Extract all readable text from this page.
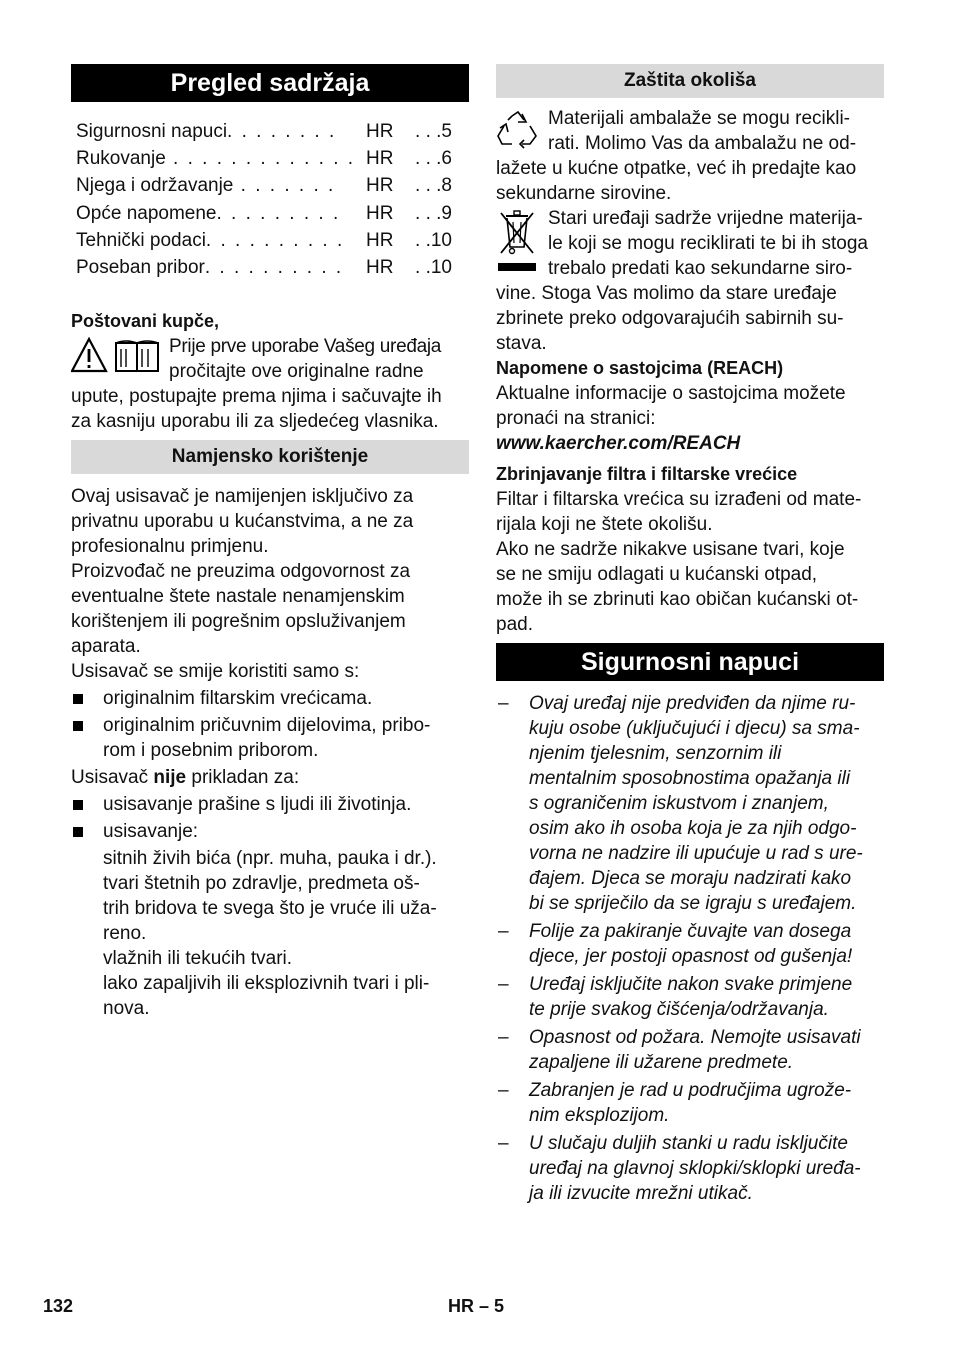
Pregled sadržaja
Sigurnosni napuci. . . . . . . .	HR	. . .5
Rukovanje . . . . . . . . . . . . . HR	. . .6
Njega i održavanje . . . . . . .	HR	. . .8
Opće napomene. . . . . . . . .	HR	. . .9
Tehnički podaci. . . . . . . . . .	HR	. .10
Poseban pribor. . . . . . . . . .	HR	. .10

Poštovani kupče,

Prije prve uporabe Vašeg uređaja

pročitajte ove originalne radne

upute, postupajte prema njima i sačuvajte ih

za kasniju uporabu ili za sljedećeg vlasnika.

Namjensko korištenje

Ovaj usisavač je namijenjen isključivo za

privatnu uporabu u kućanstvima, a ne za

profesionalnu primjenu.

Proizvođač ne preuzima odgovornost za

eventualne štete nastale nenamjenskim

korištenjem ili pogrešnim opsluživanjem

aparata.

Usisavač se smije koristiti samo s:

originalnim filtarskim vrećicama.
originalnim pričuvnim dijelovima, pribo-
rom i posebnim priborom.

Usisavač nije prikladan za:

usisavanje prašine s ljudi ili životinja.
usisavanje:

sitnih živih bića (npr. muha, pauka i dr.).

tvari štetnih po zdravlje, predmeta oš-

trih bridova te svega što je vruće ili uža-

reno.

vlažnih ili tekućih tvari.

lako zapaljivih ili eksplozivnih tvari i pli-

nova.

Zaštita okoliša

Materijali ambalaže se mogu recikli-

rati. Molimo Vas da ambalažu ne od-

lažete u kućne otpatke, već ih predajte kao

sekundarne sirovine.

Stari uređaji sadrže vrijedne materija-

le koji se mogu reciklirati te bi ih stoga

trebalo predati kao sekundarne siro-

vine. Stoga Vas molimo da stare uređaje

zbrinete preko odgovarajućih sabirnih su-

stava.

Napomene o sastojcima (REACH)

Aktualne informacije o sastojcima možete

pronaći na stranici:

www.kaercher.com/REACH

Zbrinjavanje filtra i filtarske vrećice

Filtar i filtarska vrećica su izrađeni od mate-

rijala koji ne štete okolišu.

Ako ne sadrže nikakve usisane tvari, koje

se ne smiju odlagati u kućanski otpad,

može ih se zbrinuti kao običan kućanski ot-

pad.

Sigurnosni napuci
– Ovaj uređaj nije predviđen da njime ru-
kuju osobe (uključujući i djecu) sa sma-
njenim tjelesnim, senzornim ili
mentalnim sposobnostima opažanja ili
s ograničenim iskustvom i znanjem,
osim ako ih osoba koja je za njih odgo-
vorna ne nadzire ili upućuje u rad s ure-
đajem. Djeca se moraju nadzirati kako
bi se spriječilo da se igraju s uređajem.
– Folije za pakiranje čuvajte van dosega
djece, jer postoji opasnost od gušenja!
– Uređaj isključite nakon svake primjene
te prije svakog čišćenja/održavanja.
– Opasnost od požara. Nemojte usisavati
zapaljene ili užarene predmete.
– Zabranjen je rad u područjima ugrože-
nim eksplozijom.
– U slučaju duljih stanki u radu isključite
uređaj na glavnoj sklopki/sklopki uređa-
ja ili izvucite mrežni utikač.
132	HR – 5
